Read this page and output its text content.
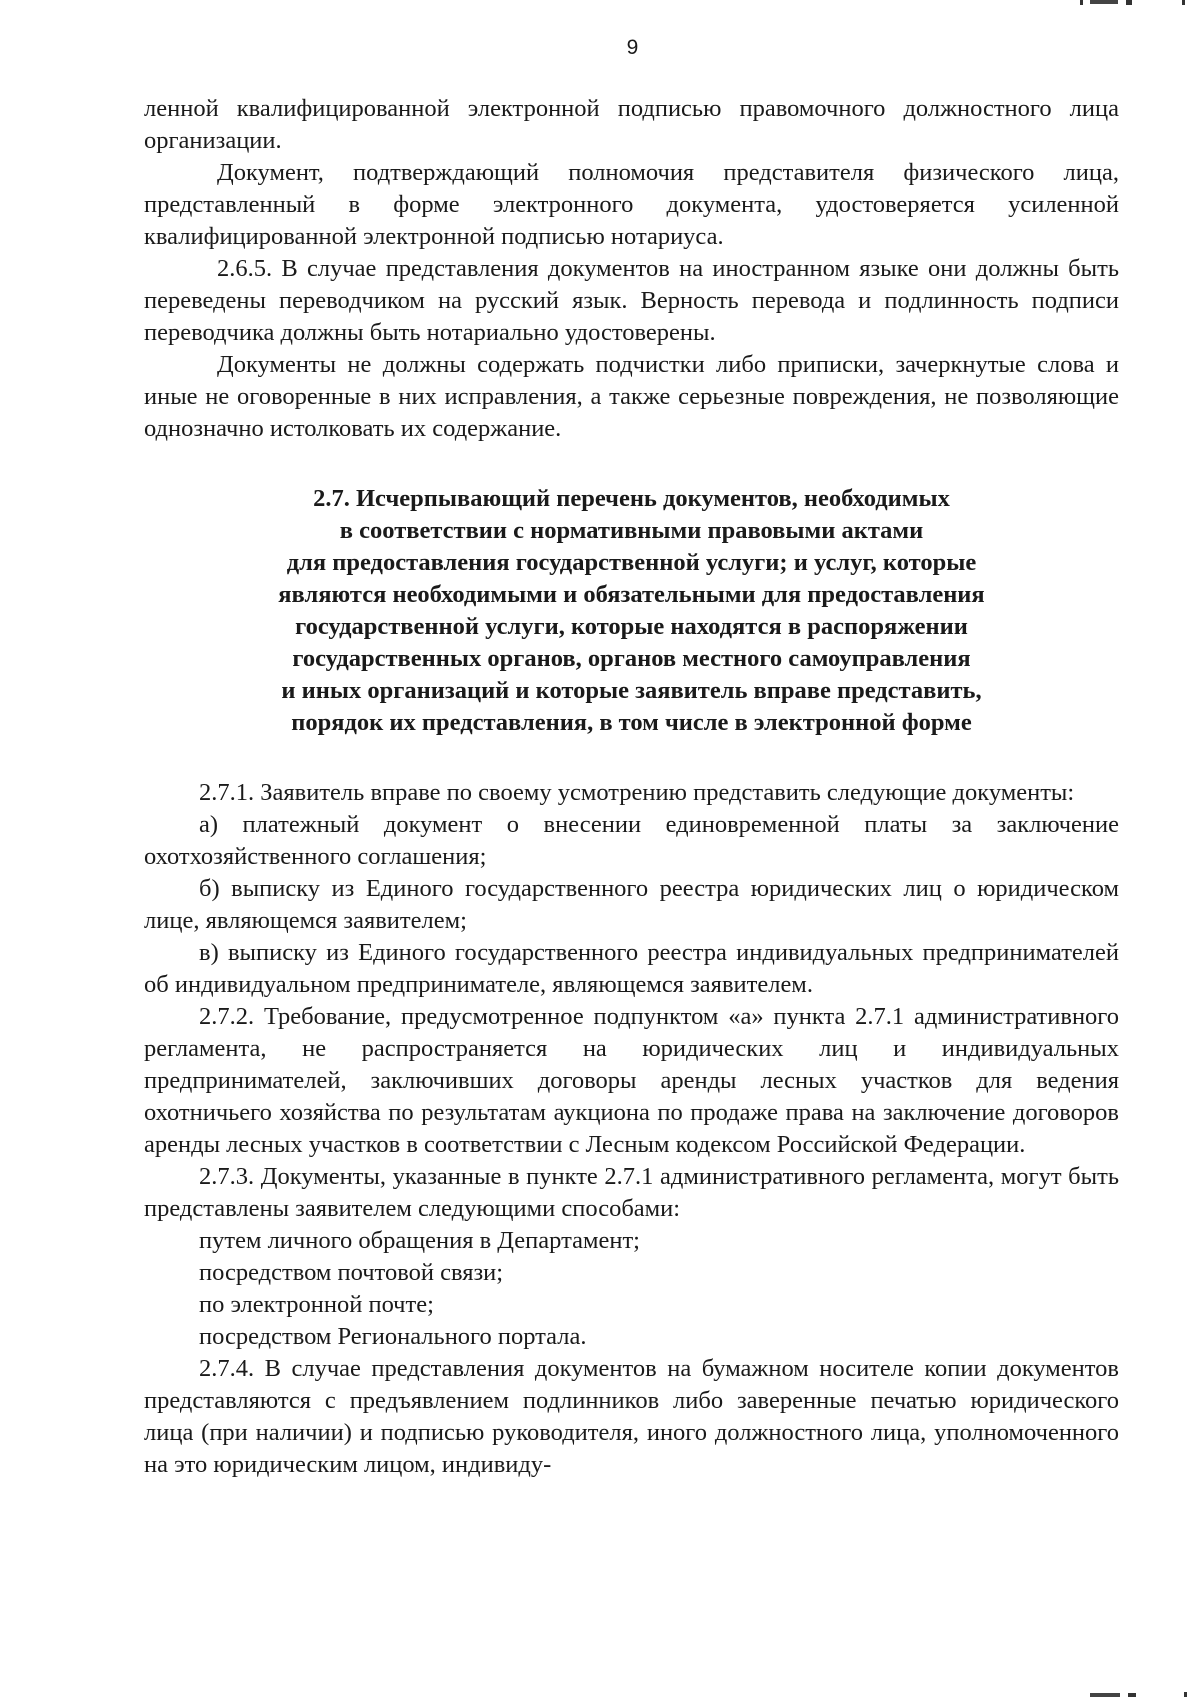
9

ленной квалифицированной электронной подписью правомочного должностного лица организации.

Документ, подтверждающий полномочия представителя физического лица, представленный в форме электронного документа, удостоверяется усиленной квалифицированной электронной подписью нотариуса.

2.6.5. В случае представления документов на иностранном языке они должны быть переведены переводчиком на русский язык. Верность перевода и подлинность подписи переводчика должны быть нотариально удостоверены.

Документы не должны содержать подчистки либо приписки, зачеркнутые слова и иные не оговоренные в них исправления, а также серьезные повреждения, не позволяющие однозначно истолковать их содержание.

2.7. Исчерпывающий перечень документов, необходимых
в соответствии с нормативными правовыми актами
для предоставления государственной услуги; и услуг, которые
являются необходимыми и обязательными для предоставления
государственной услуги, которые находятся в распоряжении
государственных органов, органов местного самоуправления
и иных организаций и которые заявитель вправе представить,
порядок их представления, в том числе в электронной форме

2.7.1. Заявитель вправе по своему усмотрению представить следующие документы:

а) платежный документ о внесении единовременной платы за заключение охотхозяйственного соглашения;

б) выписку из Единого государственного реестра юридических лиц о юридическом лице, являющемся заявителем;

в) выписку из Единого государственного реестра индивидуальных предпринимателей об индивидуальном предпринимателе, являющемся заявителем.

2.7.2. Требование, предусмотренное подпунктом «а» пункта 2.7.1 административного регламента, не распространяется на юридических лиц и индивидуальных предпринимателей, заключивших договоры аренды лесных участков для ведения охотничьего хозяйства по результатам аукциона по продаже права на заключение договоров аренды лесных участков в соответствии с Лесным кодексом Российской Федерации.

2.7.3. Документы, указанные в пункте 2.7.1 административного регламента, могут быть представлены заявителем следующими способами:

путем личного обращения в Департамент;

посредством почтовой связи;

по электронной почте;

посредством Регионального портала.

2.7.4. В случае представления документов на бумажном носителе копии документов представляются с предъявлением подлинников либо заверенные печатью юридического лица (при наличии) и подписью руководителя, иного должностного лица, уполномоченного на это юридическим лицом, индивиду-
